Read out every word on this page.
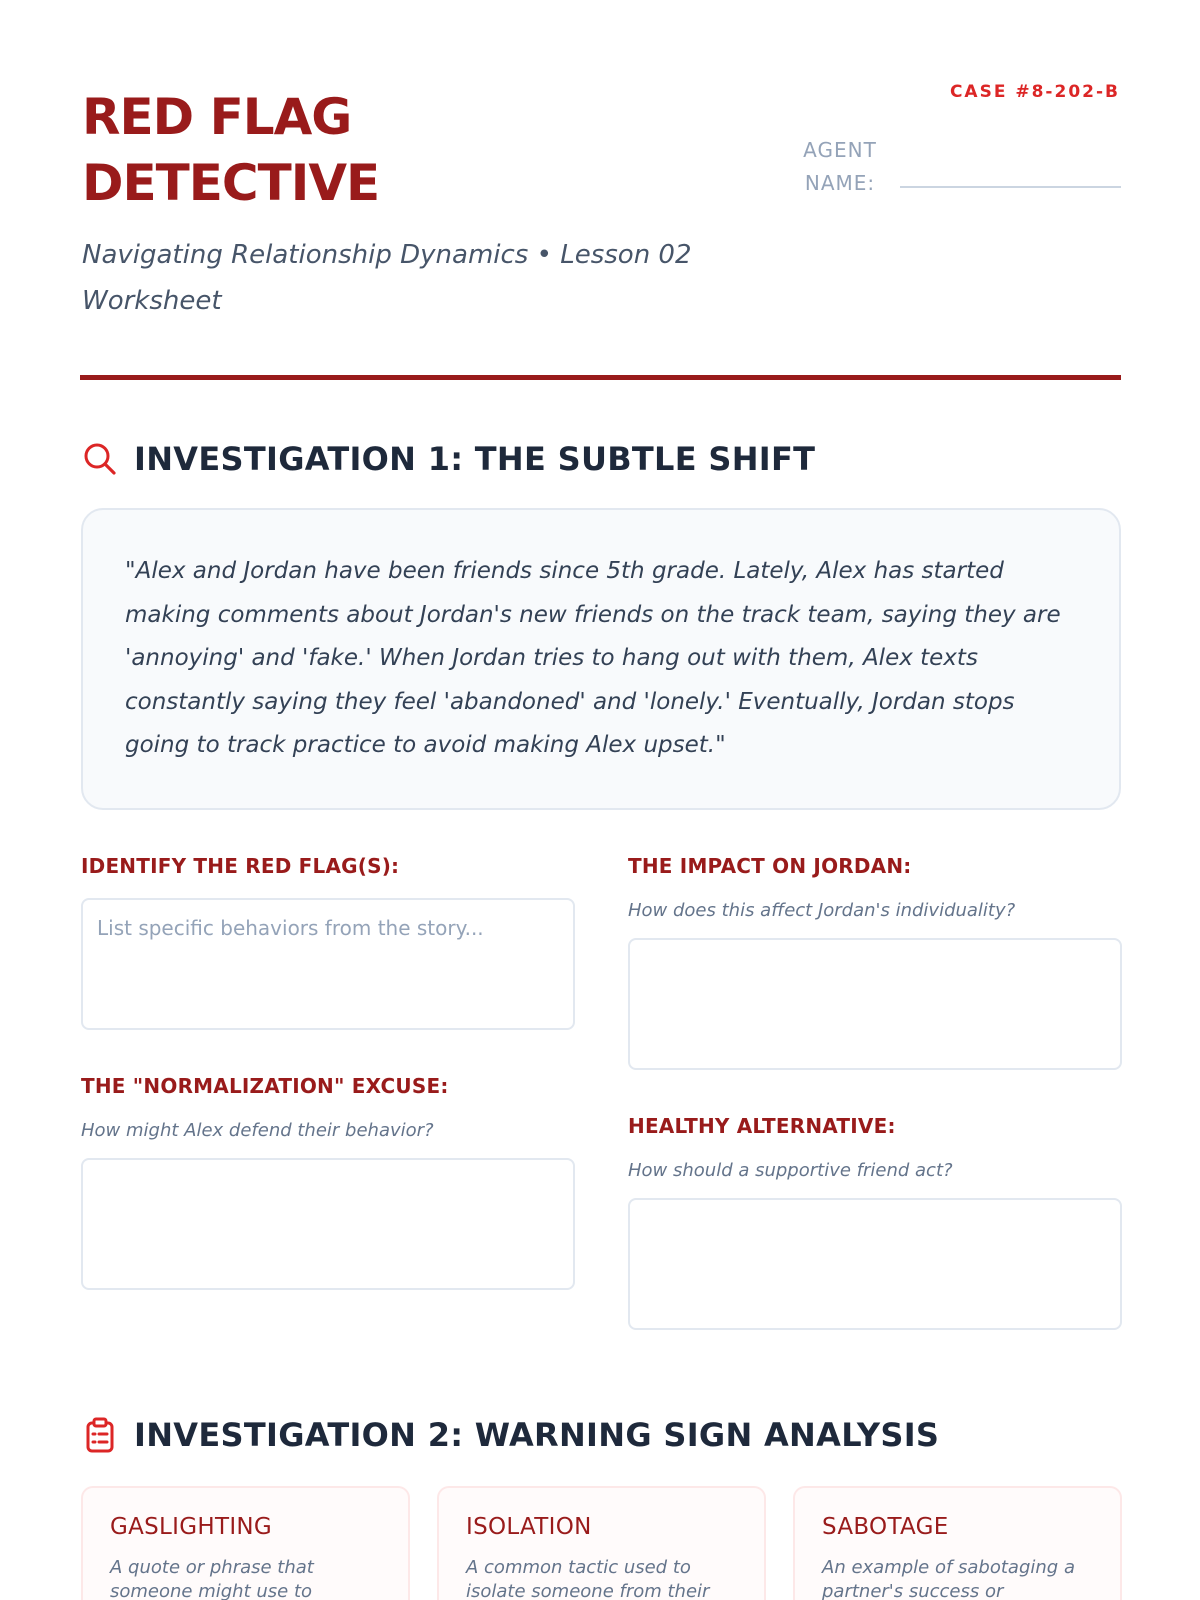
RED FLAG
DETECTIVE
Navigating Relationship Dynamics • Lesson 02 Worksheet
CASE #8-202-B
AGENT
NAME:
INVESTIGATION 1: THE SUBTLE SHIFT

"Alex and Jordan have been friends since 5th grade. Lately, Alex has started making comments about Jordan's new friends on the track team, saying they are 'annoying' and 'fake.' When Jordan tries to hang out with them, Alex texts constantly saying they feel 'abandoned' and 'lonely.' Eventually, Jordan stops going to track practice to avoid making Alex upset."

IDENTIFY THE RED FLAG(S):
List specific behaviors from the story...
THE "NORMALIZATION" EXCUSE:
How might Alex defend their behavior?
THE IMPACT ON JORDAN:
How does this affect Jordan's individuality?
HEALTHY ALTERNATIVE:
How should a supportive friend act?
INVESTIGATION 2: WARNING SIGN ANALYSIS
GASLIGHTING
A quote or phrase that someone might use to
ISOLATION
A common tactic used to isolate someone from their
SABOTAGE
An example of sabotaging a partner's success or
